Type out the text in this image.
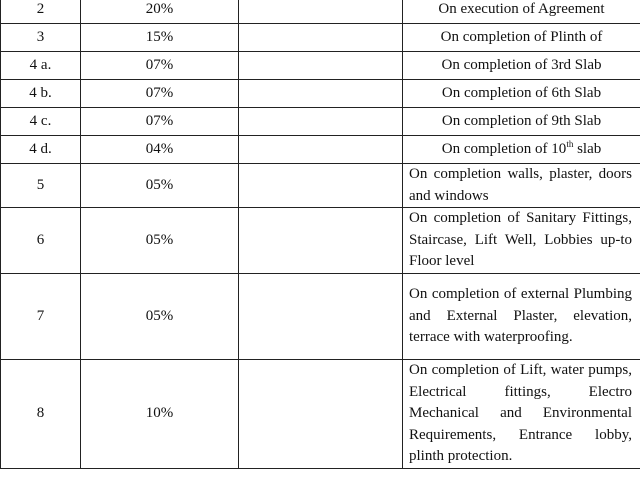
2	20%		On execution of Agreement
3	15%		On completion of Plinth of
4 a.	07%		On completion of 3rd Slab
4 b.	07%		On completion of 6th Slab
4 c.	07%		On completion of 9th Slab
4 d.	04%		On completion of 10th slab
5	05%		On completion walls, plaster, doors and windows
6	05%		On completion of Sanitary Fittings, Staircase, Lift Well, Lobbies up-to Floor level
7	05%		On completion of external Plumbing and External Plaster, elevation, terrace with waterproofing.
8	10%		On completion of Lift, water pumps, Electrical fittings, Electro Mechanical and Environmental Requirements, Entrance lobby, plinth protection.
